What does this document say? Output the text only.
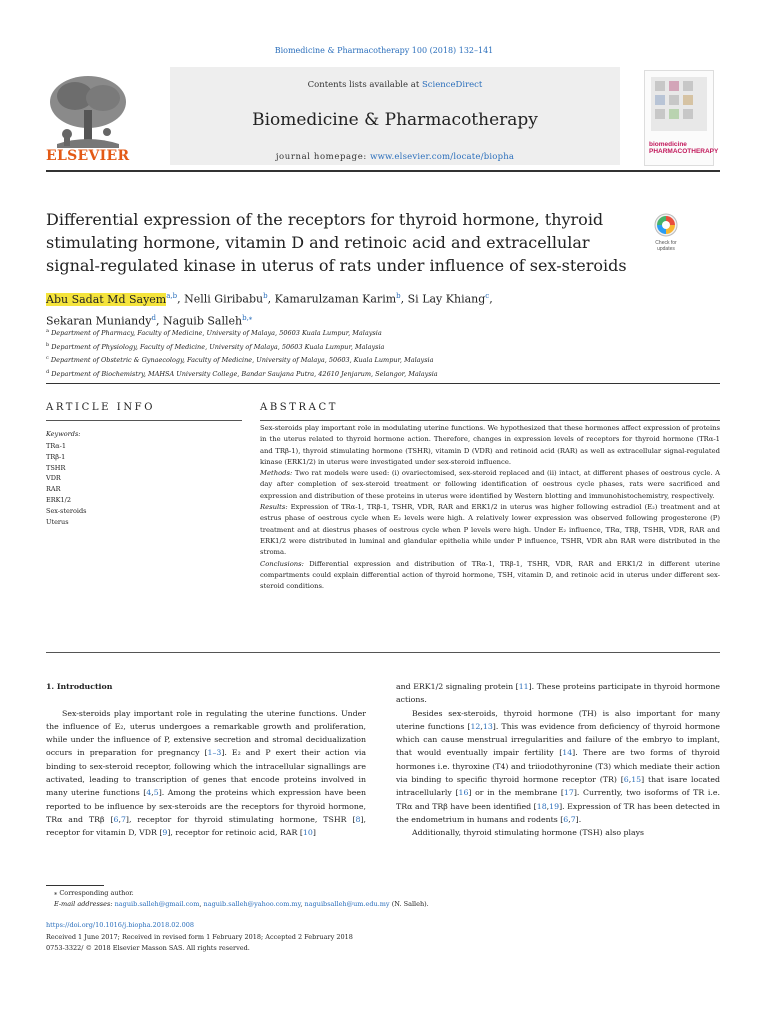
Biomedicine & Pharmacotherapy 100 (2018) 132–141
Contents lists available at ScienceDirect
Biomedicine & Pharmacotherapy
journal homepage: www.elsevier.com/locate/biopha
ELSEVIER
biomedicine PHARMACOTHERAPY
Differential expression of the receptors for thyroid hormone, thyroid stimulating hormone, vitamin D and retinoic acid and extracellular signal-regulated kinase in uterus of rats under influence of sex-steroids
Check for updates
Abu Sadat Md Sayem$^{a,b}$, Nelli Giribabu$^b$, Kamarulzaman Karim$^b$, Si Lay Khiang$^c$,
Sekaran Muniandy$^d$, Naguib Salleh$^{b,⁎}$
$^a$ Department of Pharmacy, Faculty of Medicine, University of Malaya, 50603 Kuala Lumpur, Malaysia
$^b$ Department of Physiology, Faculty of Medicine, University of Malaya, 50603 Kuala Lumpur, Malaysia
$^c$ Department of Obstetric & Gynaecology, Faculty of Medicine, University of Malaya, 50603, Kuala Lumpur, Malaysia
$^d$ Department of Biochemistry, MAHSA University College, Bandar Saujana Putra, 42610 Jenjarum, Selangor, Malaysia
ARTICLE INFO	ABSTRACT
Keywords:
TRα-1
TRβ-1
TSHR
VDR
RAR
ERK1/2
Sex-steroids
Uterus
Sex-steroids play important role in modulating uterine functions. We hypothesized that these hormones affect expression of proteins in the uterus related to thyroid hormone action. Therefore, changes in expression levels of receptors for thyroid hormone (TRα-1 and TRβ-1), thyroid stimulating hormone (TSHR), vitamin D (VDR) and retinoid acid (RAR) as well as extracellular signal-regulated kinase (ERK1/2) in uterus were investigated under sex-steroid influence.
Methods: Two rat models were used: (i) ovariectomised, sex-steroid replaced and (ii) intact, at different phases of oestrous cycle. A day after completion of sex-steroid treatment or following identification of oestrous cycle phases, rats were sacrificed and expression and distribution of these proteins in uterus were identified by Western blotting and immunohistochemistry, respectively.
Results: Expression of TRα-1, TRβ-1, TSHR, VDR, RAR and ERK1/2 in uterus was higher following estradiol (E₂) treatment and at estrus phase of oestrous cycle when E₂ levels were high. A relatively lower expression was observed following progesterone (P) treatment and at diestrus phases of oestrous cycle when P levels were high. Under E₂ influence, TRα, TRβ, TSHR, VDR, RAR and ERK1/2 were distributed in luminal and glandular epithelia while under P influence, TSHR, VDR abn RAR were distributed in the stroma.
Conclusions: Differential expression and distribution of TRα-1, TRβ-1, TSHR, VDR, RAR and ERK1/2 in different uterine compartments could explain differential action of thyroid hormone, TSH, vitamin D, and retinoic acid in uterus under different sex-steroid conditions.
1. Introduction
Sex-steroids play important role in regulating the uterine functions. Under the influence of E₂, uterus undergoes a remarkable growth and proliferation, while under the influence of P, extensive secretion and stromal decidualization occurs in preparation for pregnancy [1–3]. E₂ and P exert their action via binding to sex-steroid receptor, following which the intracellular signallings are activated, leading to transcription of genes that encode proteins involved in many uterine functions [4,5]. Among the proteins which expression have been reported to be influence by sex-steroids are the receptors for thyroid hormone, TRα and TRβ [6,7], receptor for thyroid stimulating hormone, TSHR [8], receptor for vitamin D, VDR [9], receptor for retinoic acid, RAR [10]
and ERK1/2 signaling protein [11]. These proteins participate in thyroid hormone actions.
Besides sex-steroids, thyroid hormone (TH) is also important for many uterine functions [12,13]. This was evidence from deficiency of thyroid hormone which can cause menstrual irregularities and failure of the embryo to implant, that would eventually impair fertility [14]. There are two forms of thyroid hormones i.e. thyroxine (T4) and triiodothyronine (T3) which mediate their action via binding to specific thyroid hormone receptor (TR) [6,15] that isare located intracellularly [16] or in the membrane [17]. Currently, two isoforms of TR i.e. TRα and TRβ have been identified [18,19]. Expression of TR has been detected in the endometrium in humans and rodents [6,7].
Additionally, thyroid stimulating hormone (TSH) also plays
⁎ Corresponding author.
E-mail addresses: naguib.salleh@gmail.com, naguib.salleh@yahoo.com.my, naguibsalleh@um.edu.my (N. Salleh).
https://doi.org/10.1016/j.biopha.2018.02.008
Received 1 June 2017; Received in revised form 1 February 2018; Accepted 2 February 2018
0753-3322/ © 2018 Elsevier Masson SAS. All rights reserved.
